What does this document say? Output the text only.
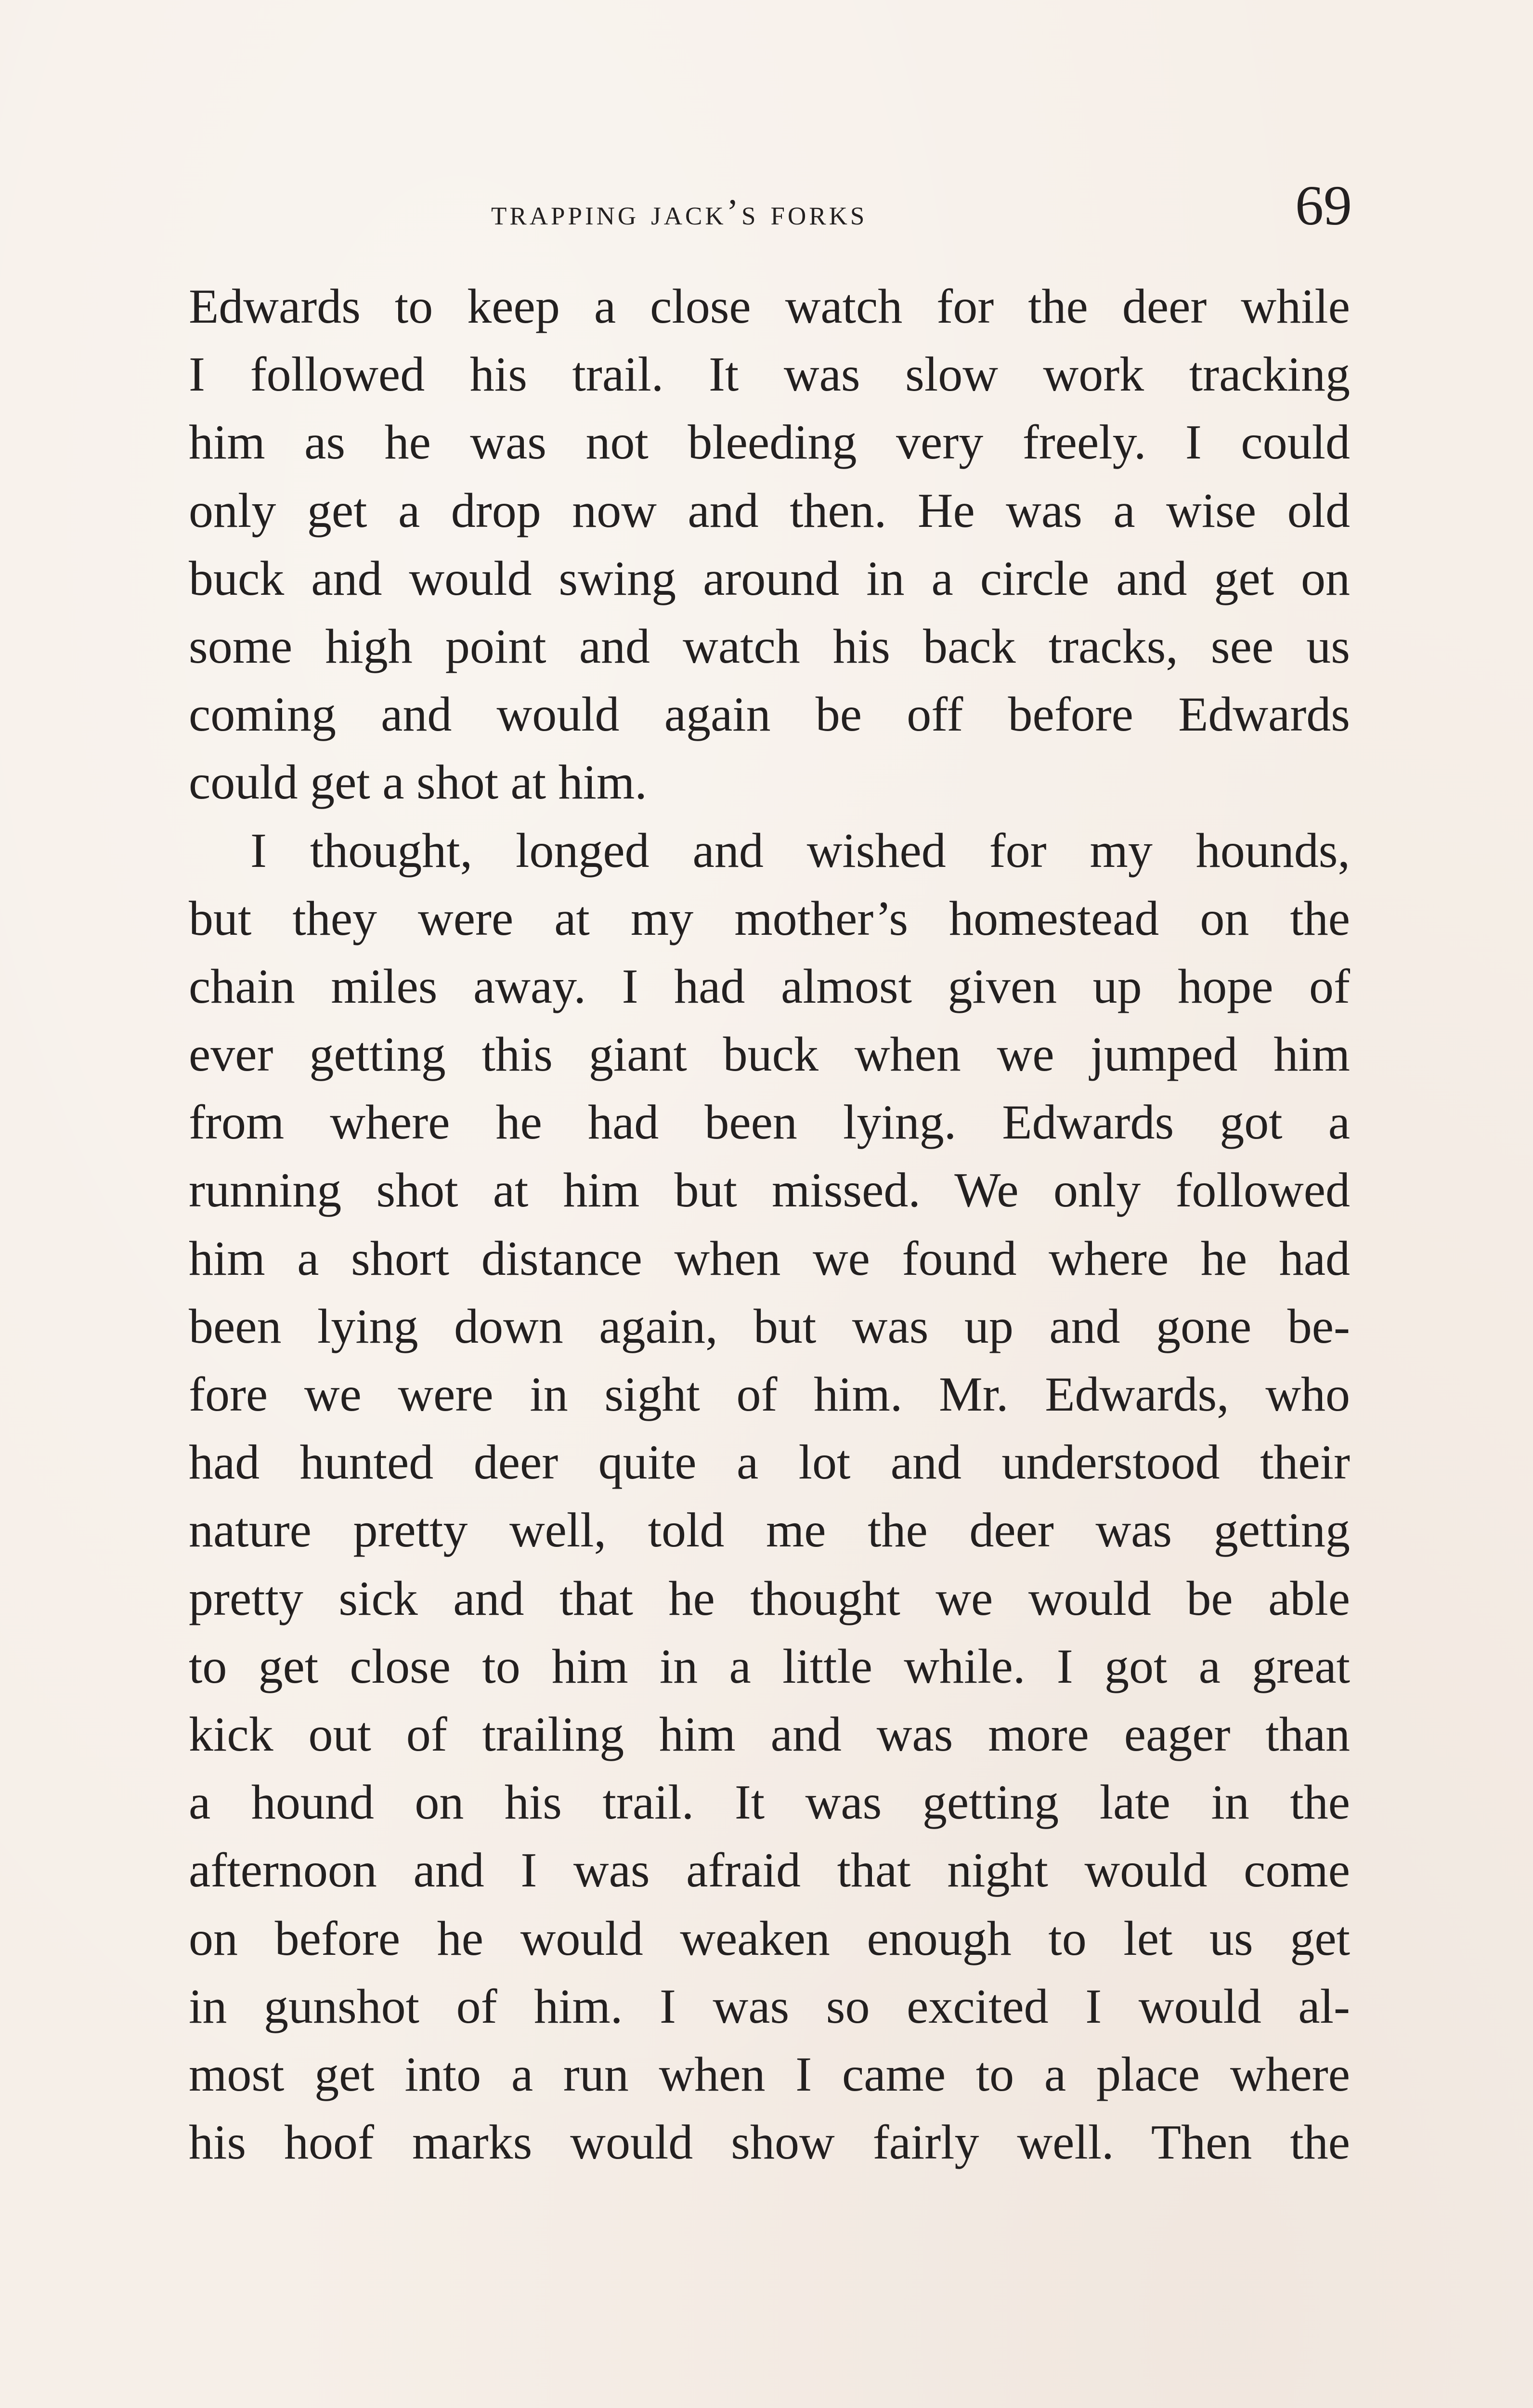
trapping jack’s forks	69
Edwards to keep a close watch for the deer while
I followed his trail. It was slow work tracking
him as he was not bleeding very freely. I could
only get a drop now and then. He was a wise old
buck and would swing around in a circle and get on
some high point and watch his back tracks, see us
coming and would again be off before Edwards
could get a shot at him.
I thought, longed and wished for my hounds,
but they were at my mother’s homestead on the
chain miles away. I had almost given up hope of
ever getting this giant buck when we jumped him
from where he had been lying. Edwards got a
running shot at him but missed. We only followed
him a short distance when we found where he had
been lying down again, but was up and gone be-
fore we were in sight of him. Mr. Edwards, who
had hunted deer quite a lot and understood their
nature pretty well, told me the deer was getting
pretty sick and that he thought we would be able
to get close to him in a little while. I got a great
kick out of trailing him and was more eager than
a hound on his trail. It was getting late in the
afternoon and I was afraid that night would come
on before he would weaken enough to let us get
in gunshot of him. I was so excited I would al-
most get into a run when I came to a place where
his hoof marks would show fairly well. Then the
